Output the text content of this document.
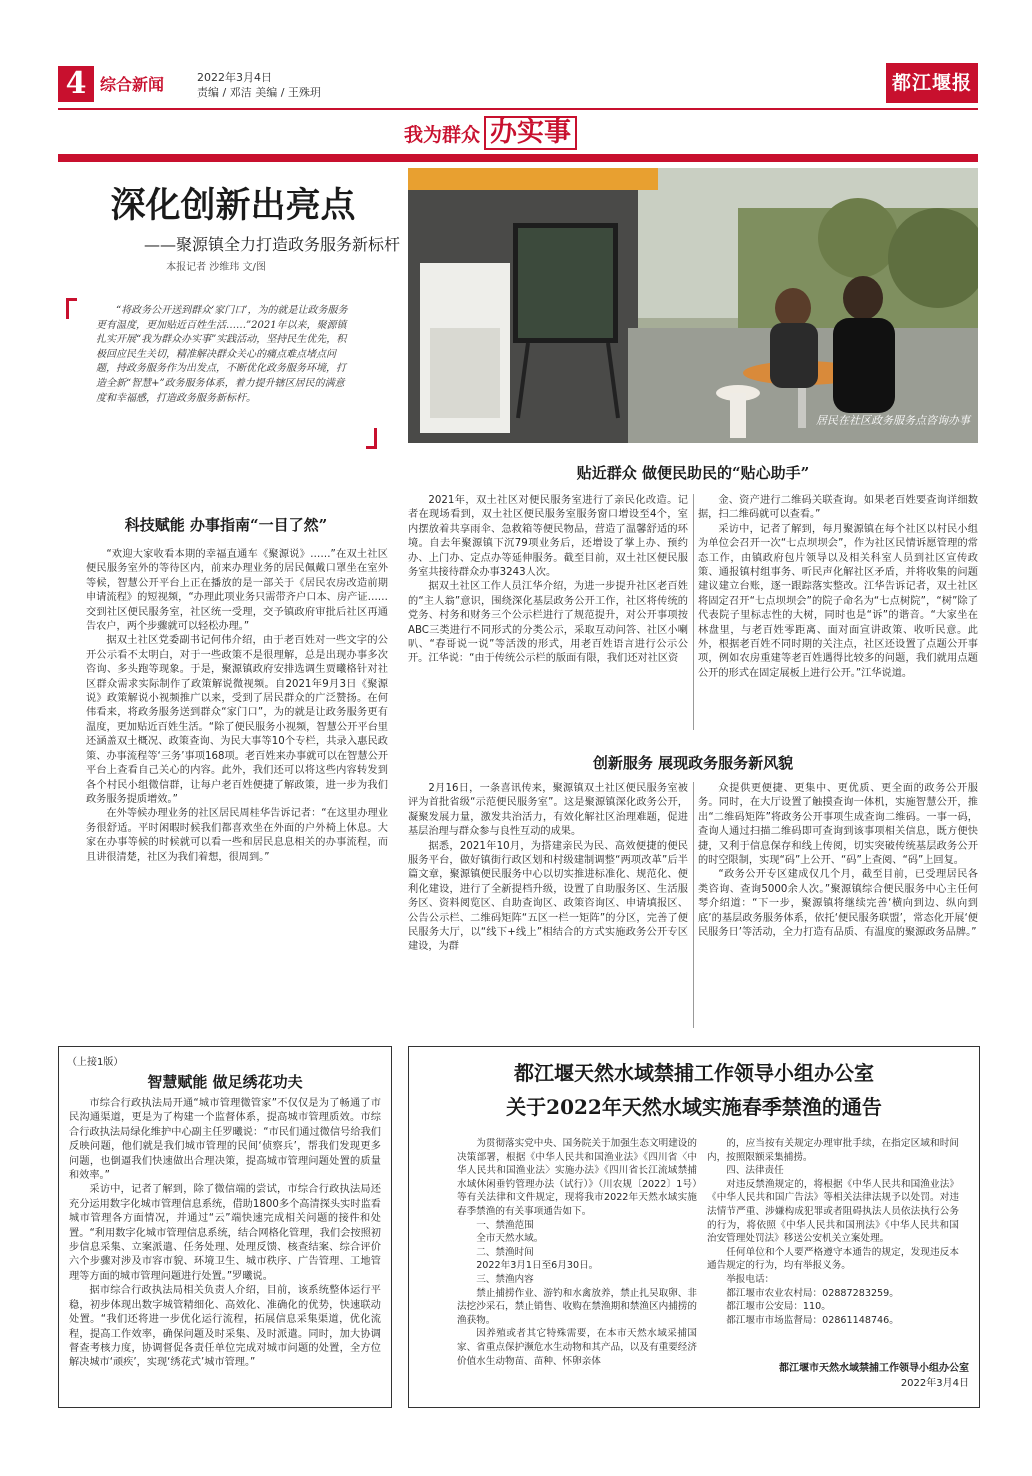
4 综合新闻	2022年3月4日
责编 / 邓洁 美编 / 王殊玥	都江堰报
我为群众 办实事
深化创新出亮点
——聚源镇全力打造政务服务新标杆
本报记者 沙维玮 文/图
“将政务公开送到群众‘家门口’，为的就是让政务服务更有温度，更加贴近百姓生活……”2021年以来，聚源镇扎实开展“我为群众办实事”实践活动，坚持民生优先，积极回应民生关切，精准解决群众关心的痛点难点堵点问题，持政务服务作为出发点，不断优化政务服务环境，打造全新“智慧+”政务服务体系，着力提升辖区居民的满意度和幸福感，打造政务服务新标杆。
居民在社区政务服务点咨询办事
科技赋能 办事指南“一目了然”

“欢迎大家收看本期的幸福直通车《聚源说》……”在双土社区便民服务室外的等待区内，前来办理业务的居民佩戴口罩坐在室外等候，智慧公开平台上正在播放的是一部关于《居民农房改造前期申请流程》的短视频，“办理此项业务只需带齐户口本、房产证……交到社区便民服务室，社区统一受理，交予镇政府审批后社区再通告农户，两个步骤就可以轻松办理。”

据双土社区党委副书记何伟介绍，由于老百姓对一些文字的公开公示看不太明白，对于一些政策不是很理解，总是出现办事多次咨询、多头跑等现象。于是，聚源镇政府安排选调生贾曦格针对社区群众需求实际制作了政策解说微视频。自2021年9月3日《聚源说》政策解说小视频推广以来，受到了居民群众的广泛赞扬。在何伟看来，将政务服务送到群众“家门口”，为的就是让政务服务更有温度，更加贴近百姓生活。“除了便民服务小视频，智慧公开平台里还涵盖双土概况、政策查询、为民大事等10个专栏，共录入惠民政策、办事流程等‘三务’事项168项。老百姓来办事就可以在智慧公开平台上查看自己关心的内容。此外，我们还可以将这些内容转发到各个村民小组微信群，让每户老百姓便捷了解政策，进一步为我们政务服务提质增效。”

在外等候办理业务的社区居民周桂华告诉记者：“在这里办理业务很舒适。平时闲暇时候我们都喜欢坐在外面的户外椅上休息。大家在办事等候的时候就可以看一些和居民息息相关的办事流程，而且讲很清楚，社区为我们着想，很周到。”

贴近群众 做便民助民的“贴心助手”

2021年，双土社区对便民服务室进行了亲民化改造。记者在现场看到，双土社区便民服务室服务窗口增设至4个，室内摆放着共享雨伞、急救箱等便民物品，营造了温馨舒适的环境。自去年聚源镇下沉79项业务后，还增设了掌上办、预约办、上门办、定点办等延伸服务。截至目前，双土社区便民服务室共接待群众办事3243人次。

据双土社区工作人员江华介绍，为进一步提升社区老百姓的“主人翁”意识，围绕深化基层政务公开工作，社区将传统的党务、村务和财务三个公示栏进行了规范提升，对公开事项按ABC三类进行不同形式的分类公示，采取互动问答、社区小喇叭、“春哥说一说”等活泼的形式，用老百姓语言进行公示公开。江华说：“由于传统公示栏的版面有限，我们还对社区资

金、资产进行二维码关联查询。如果老百姓要查询详细数据，扫二维码就可以查看。”

采访中，记者了解到，每月聚源镇在每个社区以村民小组为单位会召开一次“七点坝坝会”，作为社区民情诉愿管理的常态工作，由镇政府包片领导以及相关科室人员到社区宣传政策、通报镇村组事务、听民声化解社区矛盾，并将收集的问题建议建立台账，逐一跟踪落实整改。江华告诉记者，双土社区将固定召开“七点坝坝会”的院子命名为“七点树院”，“树”除了代表院子里标志性的大树，同时也是“诉”的谐音。“大家坐在林盘里，与老百姓零距离、面对面宣讲政策、收听民意。此外，根据老百姓不同时期的关注点，社区还设置了点题公开事项，例如农房重建等老百姓遇得比较多的问题，我们就用点题公开的形式在固定展板上进行公开。”江华说道。

创新服务 展现政务服务新风貌

2月16日，一条喜讯传来，聚源镇双土社区便民服务室被评为首批省级“示范便民服务室”。这是聚源镇深化政务公开，凝聚发展力量，激发共治活力，有效化解社区治理难题，促进基层治理与群众参与良性互动的成果。

据悉，2021年10月，为搭建亲民为民、高效便捷的便民服务平台，做好镇街行政区划和村级建制调整“两项改革”后半篇文章，聚源镇便民服务中心以切实推进标准化、规范化、便利化建设，进行了全新提档升级，设置了自助服务区、生活服务区、资料阅览区、自助查询区、政策咨询区、申请填报区、公告公示栏、二维码矩阵“五区一栏一矩阵”的分区，完善了便民服务大厅，以“线下+线上”相结合的方式实施政务公开专区建设，为群

众提供更便捷、更集中、更优质、更全面的政务公开服务。同时，在大厅设置了触摸查询一体机，实施智慧公开，推出“二维码矩阵”将政务公开事项生成查询二维码。一事一码，查询人通过扫描二维码即可查询到该事项相关信息，既方便快捷，又利于信息保存和线上传阅，切实突破传统基层政务公开的时空限制，实现“码”上公开、“码”上查阅、“码”上回复。

“政务公开专区建成仅几个月，截至目前，已受理居民各类咨询、查询5000余人次。”聚源镇综合便民服务中心主任何琴介绍道：“下一步，聚源镇将继续完善‘横向到边、纵向到底’的基层政务服务体系，依托‘便民服务联盟’，常态化开展‘便民服务日’等活动，全力打造有品质、有温度的聚源政务品牌。”

（上接1版）
智慧赋能 做足绣花功夫

市综合行政执法局开通“城市管理微管家”不仅仅是为了畅通了市民沟通渠道，更是为了构建一个监督体系，提高城市管理质效。市综合行政执法局绿化维护中心副主任罗曦说：“市民们通过微信号给我们反映问题，他们就是我们城市管理的民间‘侦察兵’，帮我们发现更多问题，也倒逼我们快速做出合理决策，提高城市管理问题处置的质量和效率。”

采访中，记者了解到，除了微信端的尝试，市综合行政执法局还充分运用数字化城市管理信息系统，借助1800多个高清探头实时监看城市管理各方面情况，并通过“云”端快速完成相关问题的接件和处置。“利用数字化城市管理信息系统，结合网格化管理，我们会按照初步信息采集、立案派遣、任务处理、处理反馈、核查结案、综合评价六个步骤对涉及市容市貌、环境卫生、城市秩序、广告管理、工地管理等方面的城市管理问题进行处置。”罗曦说。

据市综合行政执法局相关负责人介绍，目前，该系统整体运行平稳，初步体现出数字城管精细化、高效化、准确化的优势，快速联动处置。“我们还将进一步优化运行流程，拓展信息采集渠道，优化流程，提高工作效率，确保问题及时采集、及时派遣。同时，加大协调督查考核力度，协调督促各责任单位完成对城市问题的处置，全方位解决城市‘顽疾’，实现‘绣花式’城市管理。”

都江堰天然水域禁捕工作领导小组办公室
关于2022年天然水域实施春季禁渔的通告

为贯彻落实党中央、国务院关于加强生态文明建设的决策部署，根据《中华人民共和国渔业法》《四川省〈中华人民共和国渔业法〉实施办法》《四川省长江流域禁捕水域休闲垂钓管理办法（试行）》（川农规〔2022〕1号）等有关法律和文件规定，现将我市2022年天然水域实施春季禁渔的有关事项通告如下。

一、禁渔范围

全市天然水域。

二、禁渔时间

2022年3月1日至6月30日。

三、禁渔内容

禁止捕捞作业、游钓和水禽放养，禁止扎吴取卵、非法挖沙采石，禁止销售、收购在禁渔期和禁渔区内捕捞的渔获物。

因养殖或者其它特殊需要，在本市天然水域采捕国家、省重点保护濒危水生动物和其产品，以及有重要经济价值水生动物苗、苗种、怀卵亲体

的，应当按有关规定办理审批手续，在指定区域和时间内，按照限额采集捕捞。

四、法律责任

对违反禁渔规定的，将根据《中华人民共和国渔业法》《中华人民共和国广告法》等相关法律法规予以处罚。对违法情节严重、涉嫌构成犯罪或者阻碍执法人员依法执行公务的行为，将依照《中华人民共和国刑法》《中华人民共和国治安管理处罚法》移送公安机关立案处理。

任何单位和个人要严格遵守本通告的规定，发现违反本通告规定的行为，均有举报义务。

举报电话：

都江堰市农业农村局：02887283259。

都江堰市公安局：110。

都江堰市市场监督局：02861148746。

都江堰市天然水域禁捕工作领导小组办公室
2022年3月4日
